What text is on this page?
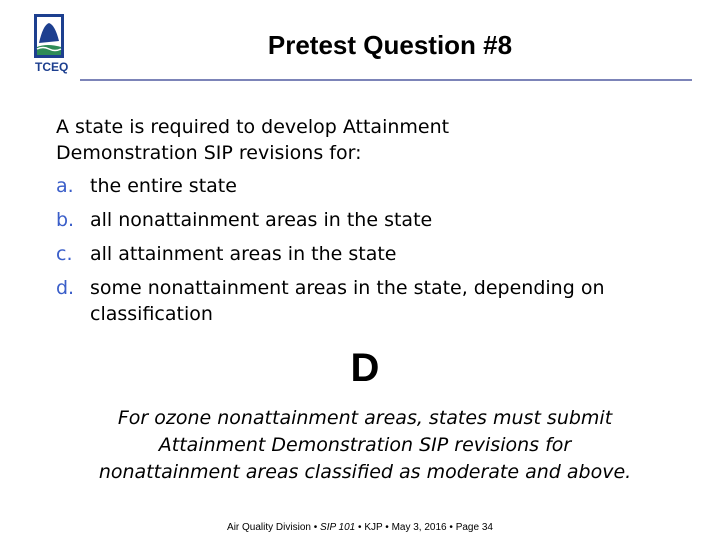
TCEQ
Pretest Question #8
A state is required to develop Attainment
Demonstration SIP revisions for:
a. the entire state
b. all nonattainment areas in the state
c. all attainment areas in the state
d. some nonattainment areas in the state, depending on classification
D
For ozone nonattainment areas, states must submit
Attainment Demonstration SIP revisions for
nonattainment areas classified as moderate and above.
Air Quality Division • SIP 101 • KJP • May 3, 2016 • Page 34
